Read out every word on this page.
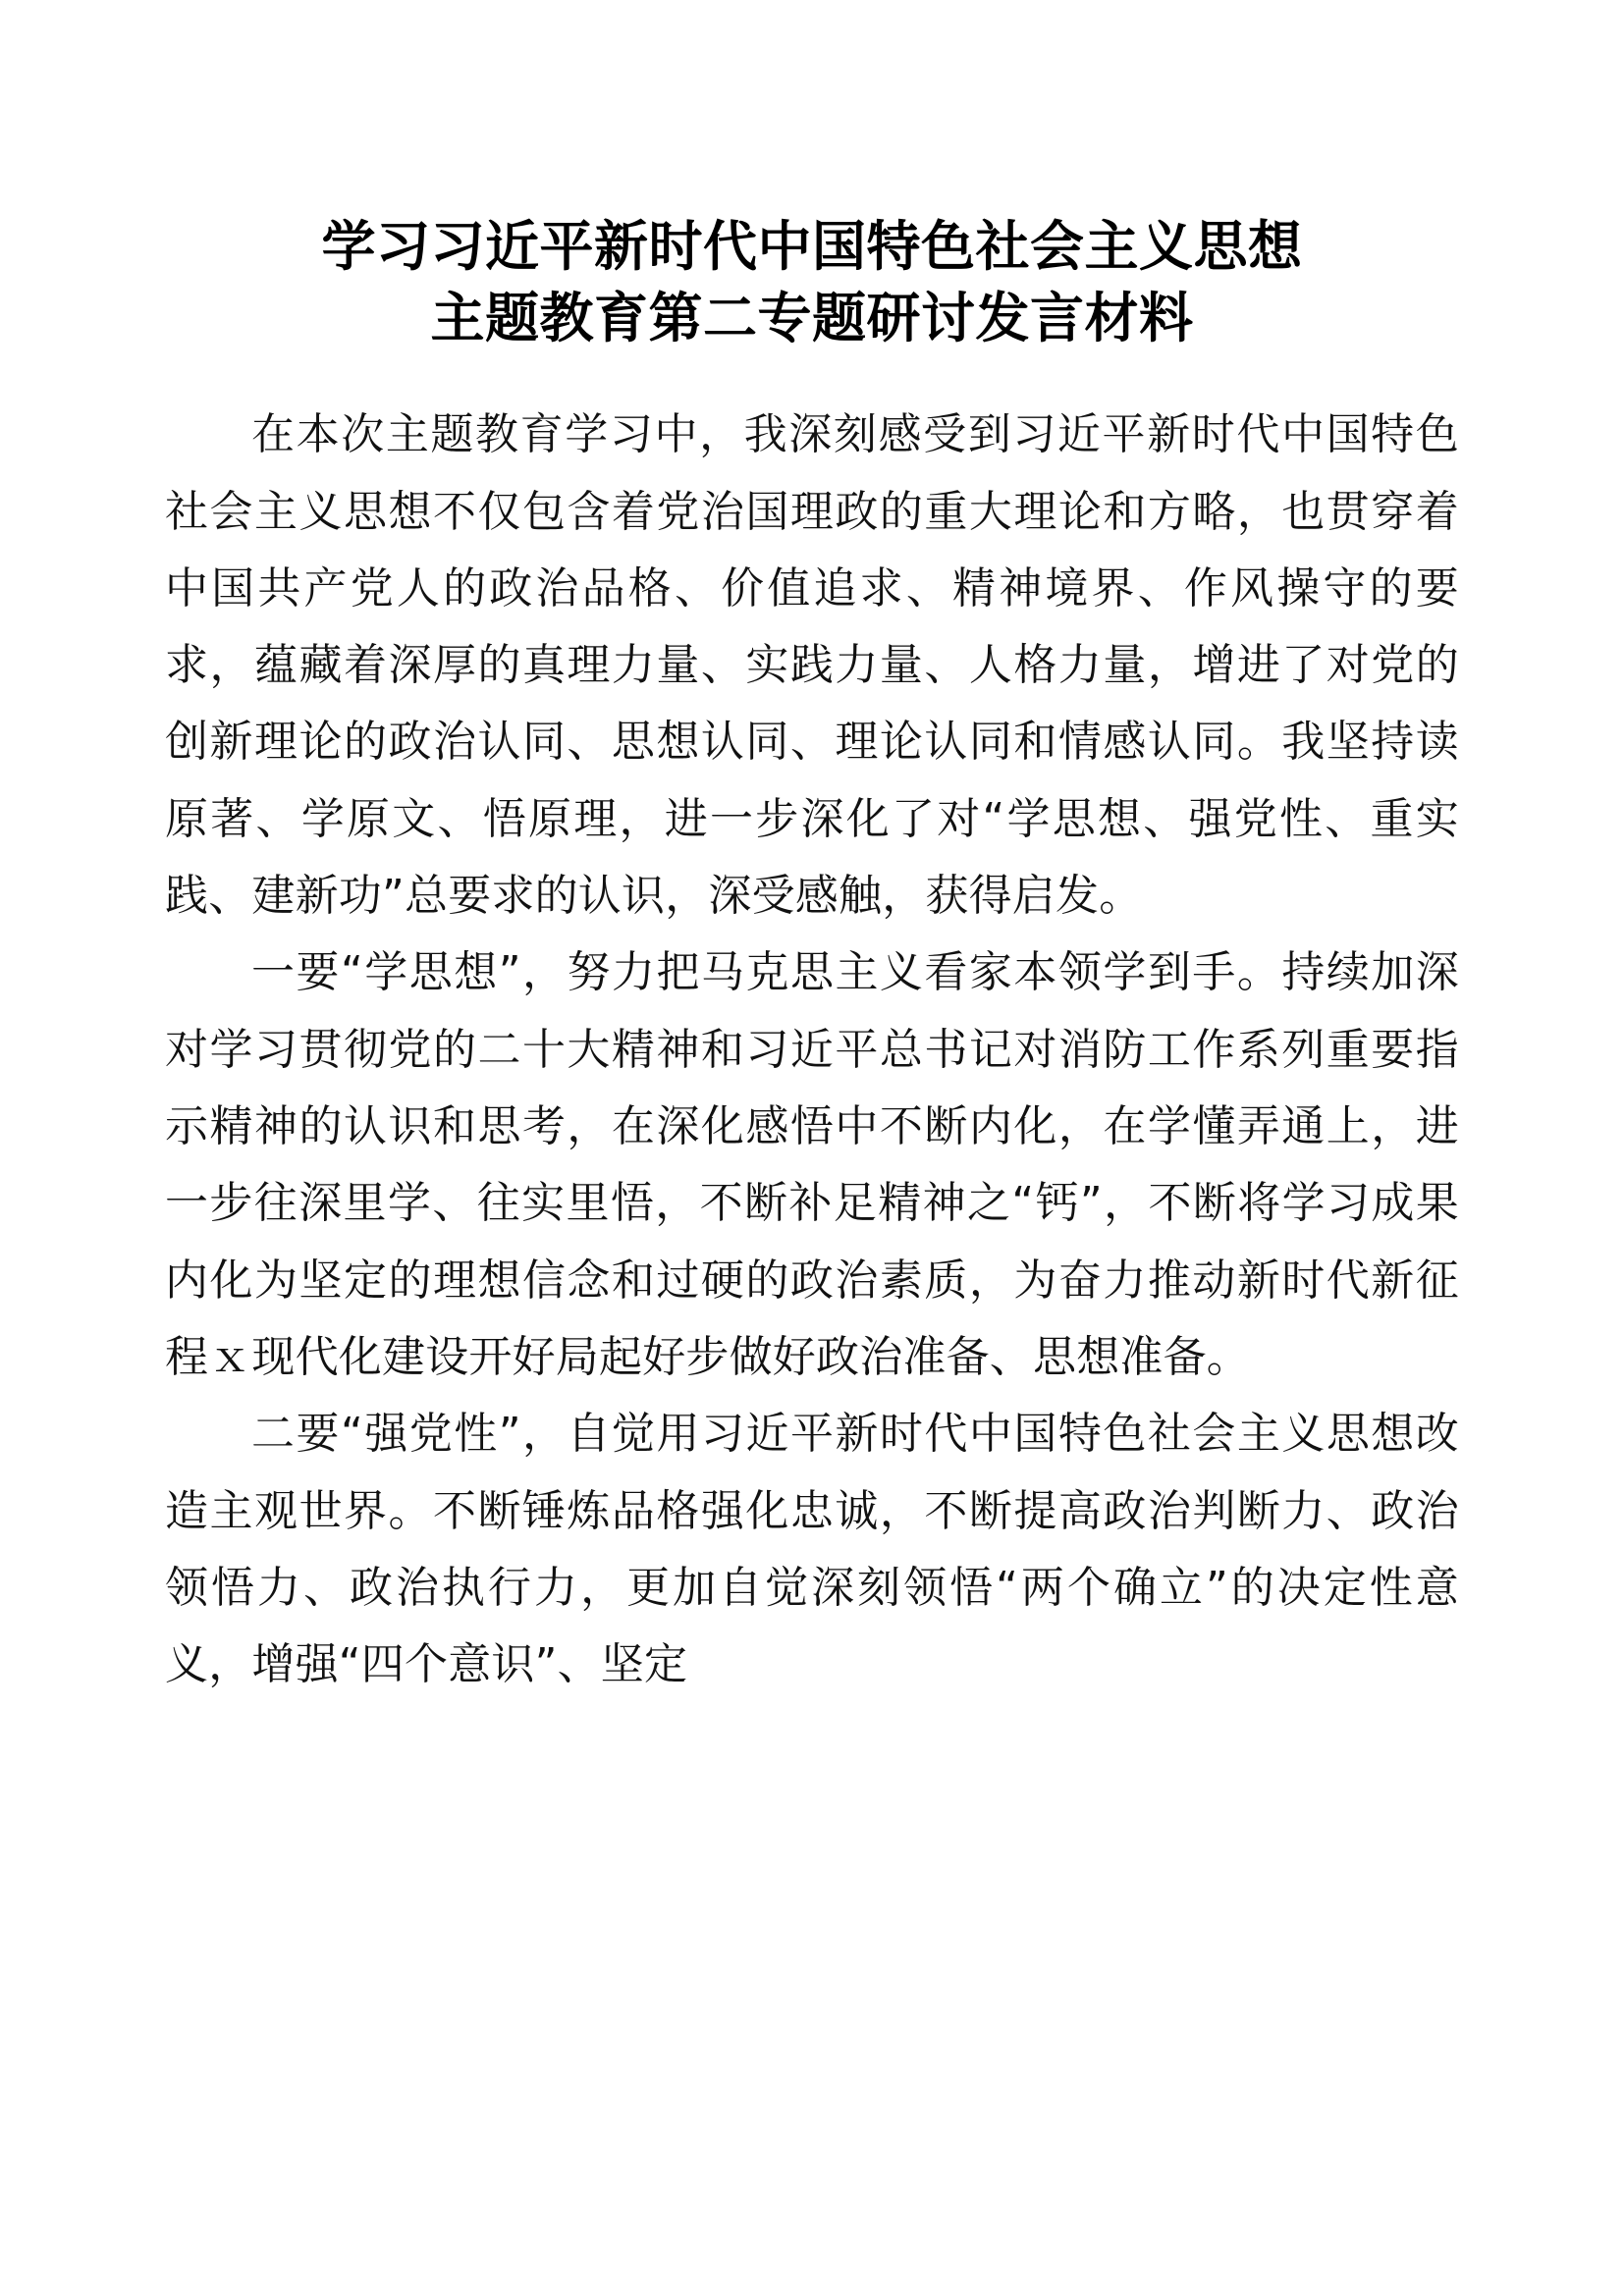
学习习近平新时代中国特色社会主义思想
主题教育第二专题研讨发言材料

在本次主题教育学习中，我深刻感受到习近平新时代中国特色社会主义思想不仅包含着党治国理政的重大理论和方略，也贯穿着中国共产党人的政治品格、价值追求、精神境界、作风操守的要求，蕴藏着深厚的真理力量、实践力量、人格力量，增进了对党的创新理论的政治认同、思想认同、理论认同和情感认同。我坚持读原著、学原文、悟原理，进一步深化了对“学思想、强党性、重实践、建新功”总要求的认识，深受感触，获得启发。

一要“学思想”，努力把马克思主义看家本领学到手。持续加深对学习贯彻党的二十大精神和习近平总书记对消防工作系列重要指示精神的认识和思考，在深化感悟中不断内化，在学懂弄通上，进一步往深里学、往实里悟，不断补足精神之“钙”，不断将学习成果内化为坚定的理想信念和过硬的政治素质，为奋力推动新时代新征程ｘ现代化建设开好局起好步做好政治准备、思想准备。

二要“强党性”，自觉用习近平新时代中国特色社会主义思想改造主观世界。不断锤炼品格强化忠诚，不断提高政治判断力、政治领悟力、政治执行力，更加自觉深刻领悟“两个确立”的决定性意义，增强“四个意识”、坚定
